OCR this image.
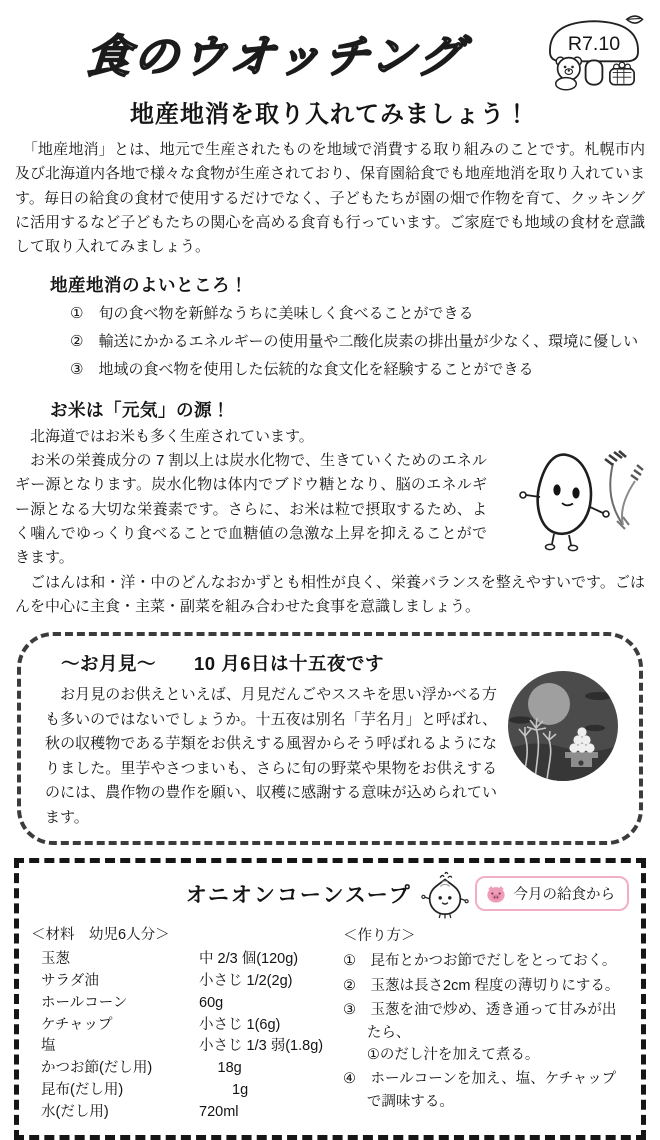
食のウオッチング	R7.10
地産地消を取り入れてみましょう！

　「地産地消」とは、地元で生産されたものを地域で消費する取り組みのことです。札幌市内及び北海道内各地で様々な食物が生産されており、保育園給食でも地産地消を取り入れています。毎日の給食の食材で使用するだけでなく、子どもたちが園の畑で作物を育て、クッキングに活用するなど子どもたちの関心を高める食育も行っています。ご家庭でも地域の食材を意識して取り入れてみましょう。

地産地消のよいところ！
①　旬の食べ物を新鮮なうちに美味しく食べることができる
②　輸送にかかるエネルギーの使用量や二酸化炭素の排出量が少なく、環境に優しい
③　地域の食べ物を使用した伝統的な食文化を経験することができる
お米は「元気」の源！

　北海道ではお米も多く生産されています。

　お米の栄養成分の 7 割以上は炭水化物で、生きていくためのエネルギー源となります。炭水化物は体内でブドウ糖となり、脳のエネルギー源となる大切な栄養素です。さらに、お米は粒で摂取するため、よく噛んでゆっくり食べることで血糖値の急激な上昇を抑えることができます。

　ごはんは和・洋・中のどんなおかずとも相性が良く、栄養バランスを整えやすいです。ごはんを中心に主食・主菜・副菜を組み合わせた食事を意識しましょう。

～お月見～　　10 月6日は十五夜です
　お月見のお供えといえば、月見だんごやススキを思い浮かべる方も多いのではないでしょうか。十五夜は別名「芋名月」と呼ばれ、秋の収穫物である芋類をお供えする風習からそう呼ばれるようになりました。里芋やさつまいも、さらに旬の野菜や果物をお供えするのには、農作物の豊作を願い、収穫に感謝する意味が込められています。
オニオンコーンスープ	今月の給食から
＜材料　幼児6人分＞
玉葱	中 2/3 個(120g)
サラダ油	小さじ 1/2(2g)
ホールコーン	60g
ケチャップ	小さじ 1(6g)
塩	小さじ 1/3 弱(1.8g)
かつお節(だし用)	　 18g
昆布(だし用)	　 　1g
水(だし用)	720ml
＜作り方＞
①　昆布とかつお節でだしをとっておく。
②　玉葱は長さ2cm 程度の薄切りにする。
③　玉葱を油で炒め、透き通って甘みが出たら、
①のだし汁を加えて煮る。
④　ホールコーンを加え、塩、ケチャップ
で調味する。
